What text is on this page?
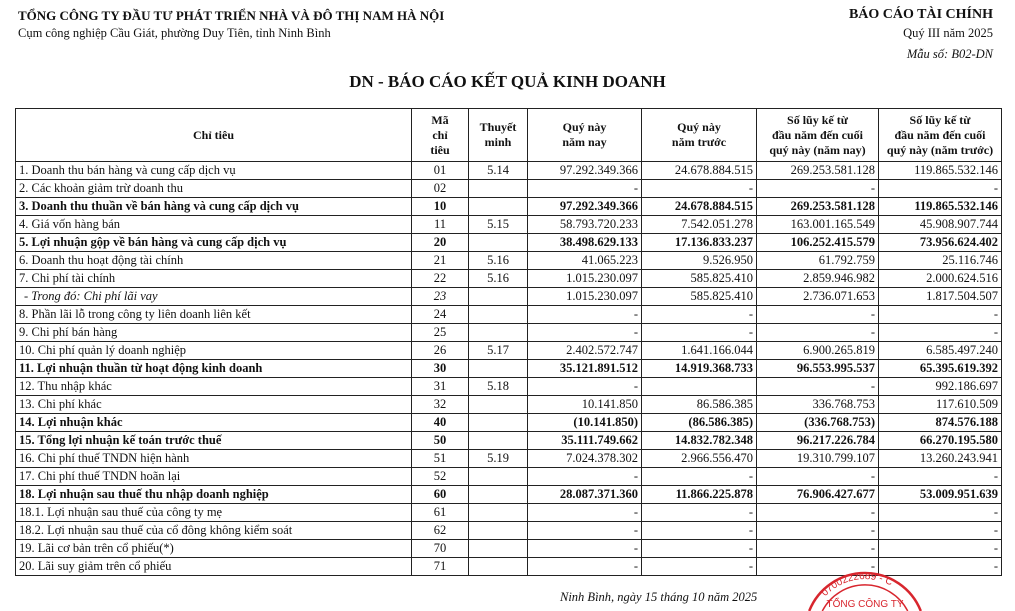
TỔNG CÔNG TY ĐẦU TƯ PHÁT TRIỂN NHÀ VÀ ĐÔ THỊ NAM HÀ NỘI
Cụm công nghiệp Cầu Giát, phường Duy Tiên, tỉnh Ninh Bình
BÁO CÁO TÀI CHÍNH
Quý III năm 2025
Mẫu số: B02-DN
DN - BÁO CÁO KẾT QUẢ KINH DOANH
Chỉ tiêu	Mã
chỉ
tiêu	Thuyết
minh	Quý này
năm nay	Quý này
năm trước	Số lũy kế từ
đầu năm đến cuối
quý này (năm nay)	Số lũy kế từ
đầu năm đến cuối
quý này (năm trước)
1. Doanh thu bán hàng và cung cấp dịch vụ	01	5.14	97.292.349.366	24.678.884.515	269.253.581.128	119.865.532.146
2. Các khoản giảm trừ doanh thu	02		-	-	-	-
3. Doanh thu thuần về bán hàng và cung cấp dịch vụ	10		97.292.349.366	24.678.884.515	269.253.581.128	119.865.532.146
4. Giá vốn hàng bán	11	5.15	58.793.720.233	7.542.051.278	163.001.165.549	45.908.907.744
5. Lợi nhuận gộp về bán hàng và cung cấp dịch vụ	20		38.498.629.133	17.136.833.237	106.252.415.579	73.956.624.402
6. Doanh thu hoạt động tài chính	21	5.16	41.065.223	9.526.950	61.792.759	25.116.746
7. Chi phí tài chính	22	5.16	1.015.230.097	585.825.410	2.859.946.982	2.000.624.516
- Trong đó: Chi phí lãi vay	23		1.015.230.097	585.825.410	2.736.071.653	1.817.504.507
8. Phần lãi lỗ trong công ty liên doanh liên kết	24		-	-	-	-
9. Chi phí bán hàng	25		-	-	-	-
10. Chi phí quản lý doanh nghiệp	26	5.17	2.402.572.747	1.641.166.044	6.900.265.819	6.585.497.240
11. Lợi nhuận thuần từ hoạt động kinh doanh	30		35.121.891.512	14.919.368.733	96.553.995.537	65.395.619.392
12. Thu nhập khác	31	5.18	-		-	992.186.697
13. Chi phí khác	32		10.141.850	86.586.385	336.768.753	117.610.509
14. Lợi nhuận khác	40		(10.141.850)	(86.586.385)	(336.768.753)	874.576.188
15. Tổng lợi nhuận kế toán trước thuế	50		35.111.749.662	14.832.782.348	96.217.226.784	66.270.195.580
16. Chi phí thuế TNDN hiện hành	51	5.19	7.024.378.302	2.966.556.470	19.310.799.107	13.260.243.941
17. Chi phí thuế TNDN hoãn lại	52		-	-	-	-
18. Lợi nhuận sau thuế thu nhập doanh nghiệp	60		28.087.371.360	11.866.225.878	76.906.427.677	53.009.951.639
18.1. Lợi nhuận sau thuế của công ty mẹ	61		-	-	-	-
18.2. Lợi nhuận sau thuế của cổ đông không kiểm soát	62		-	-	-	-
19. Lãi cơ bản trên cổ phiếu(*)	70		-	-	-	-
20. Lãi suy giảm trên cổ phiếu	71		-	-	-	-
0700222689 - C
TỔNG CÔNG TY
Ninh Bình, ngày 15 tháng 10 năm 2025
